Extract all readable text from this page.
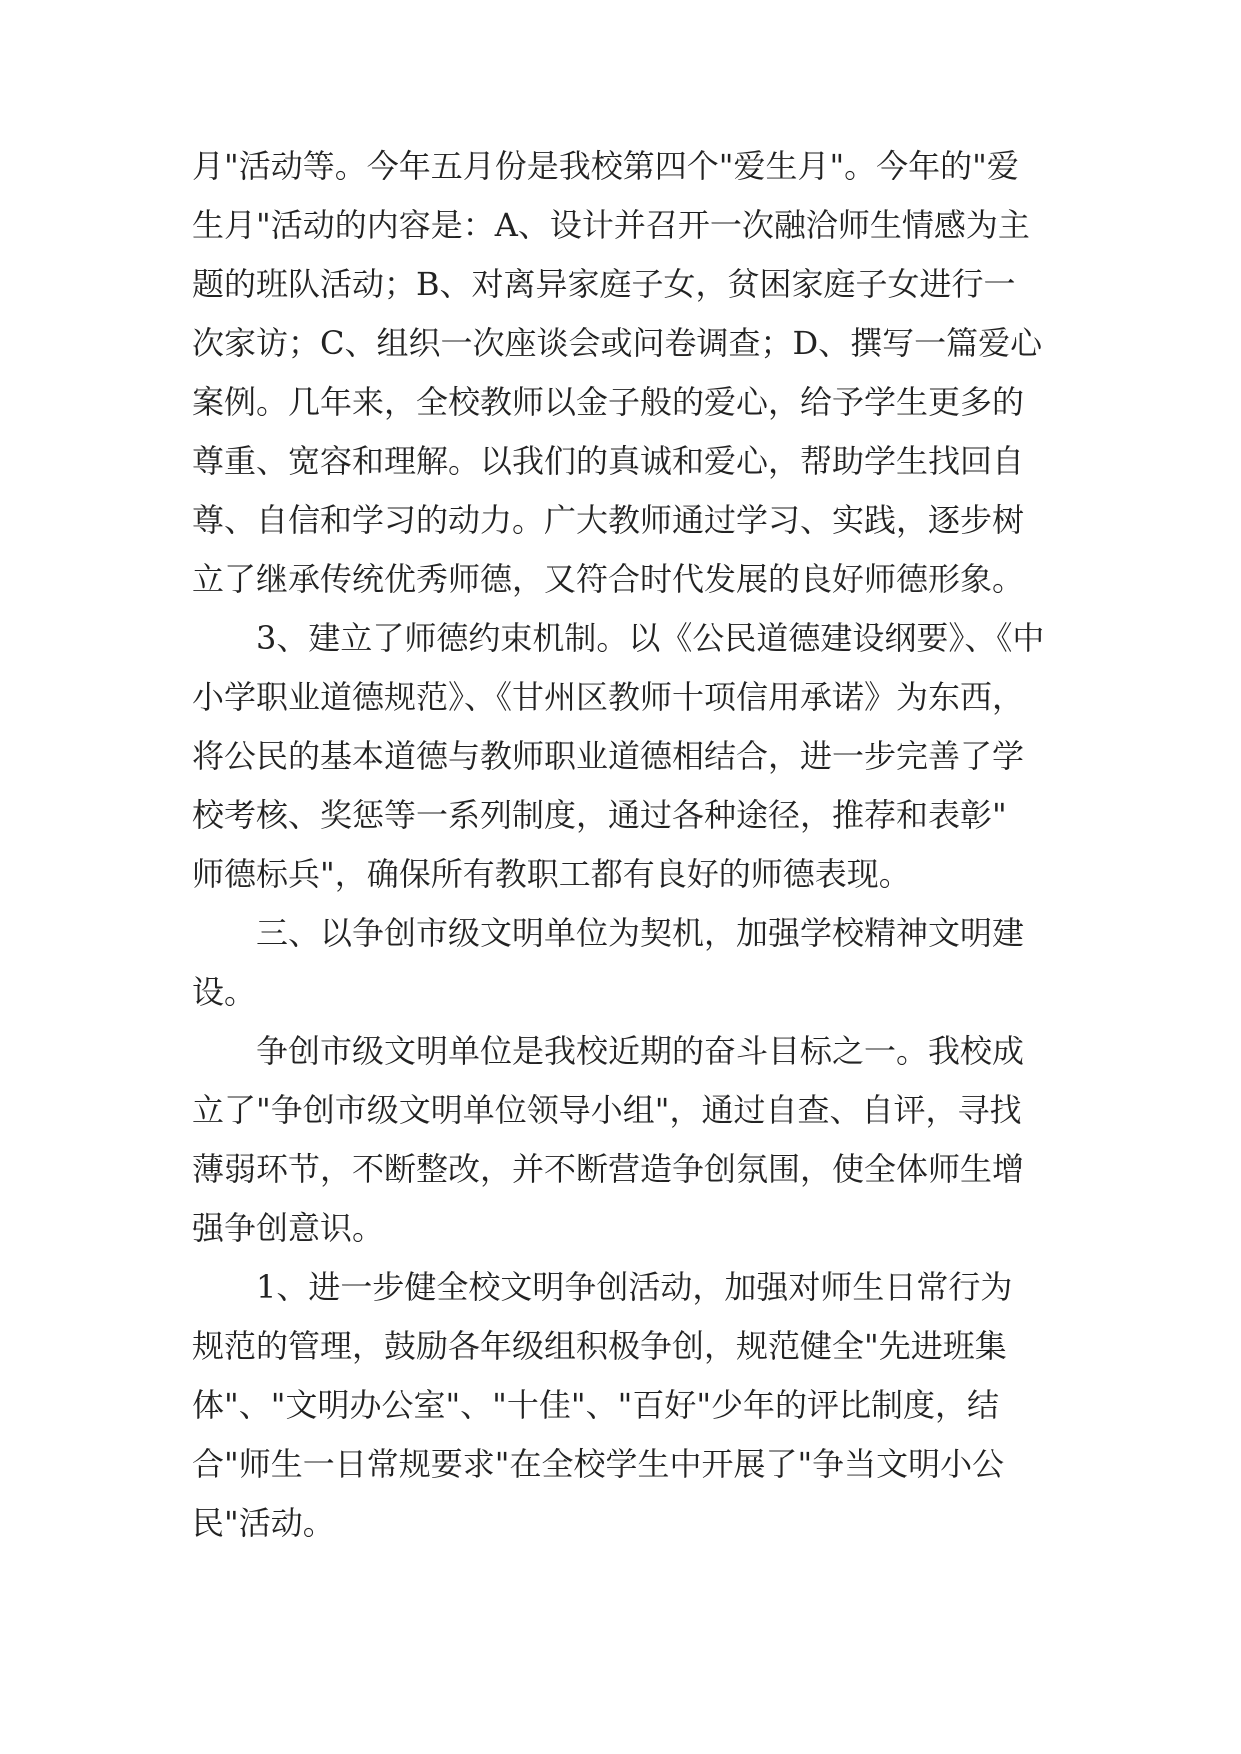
月"活动等。今年五月份是我校第四个"爱生月"。今年的"爱
生月"活动的内容是：A、设计并召开一次融洽师生情感为主
题的班队活动；B、对离异家庭子女，贫困家庭子女进行一
次家访；C、组织一次座谈会或问卷调查；D、撰写一篇爱心
案例。几年来，全校教师以金子般的爱心，给予学生更多的
尊重、宽容和理解。以我们的真诚和爱心，帮助学生找回自
尊、自信和学习的动力。广大教师通过学习、实践，逐步树
立了继承传统优秀师德，又符合时代发展的良好师德形象。
3、建立了师德约束机制。以《公民道德建设纲要》、《中
小学职业道德规范》、《甘州区教师十项信用承诺》为东西，
将公民的基本道德与教师职业道德相结合，进一步完善了学
校考核、奖惩等一系列制度，通过各种途径，推荐和表彰"
师德标兵"，确保所有教职工都有良好的师德表现。
三、以争创市级文明单位为契机，加强学校精神文明建
设。
争创市级文明单位是我校近期的奋斗目标之一。我校成
立了"争创市级文明单位领导小组"，通过自查、自评，寻找
薄弱环节，不断整改，并不断营造争创氛围，使全体师生增
强争创意识。
1、进一步健全校文明争创活动，加强对师生日常行为
规范的管理，鼓励各年级组积极争创，规范健全"先进班集
体"、"文明办公室"、"十佳"、"百好"少年的评比制度，结
合"师生一日常规要求"在全校学生中开展了"争当文明小公
民"活动。
